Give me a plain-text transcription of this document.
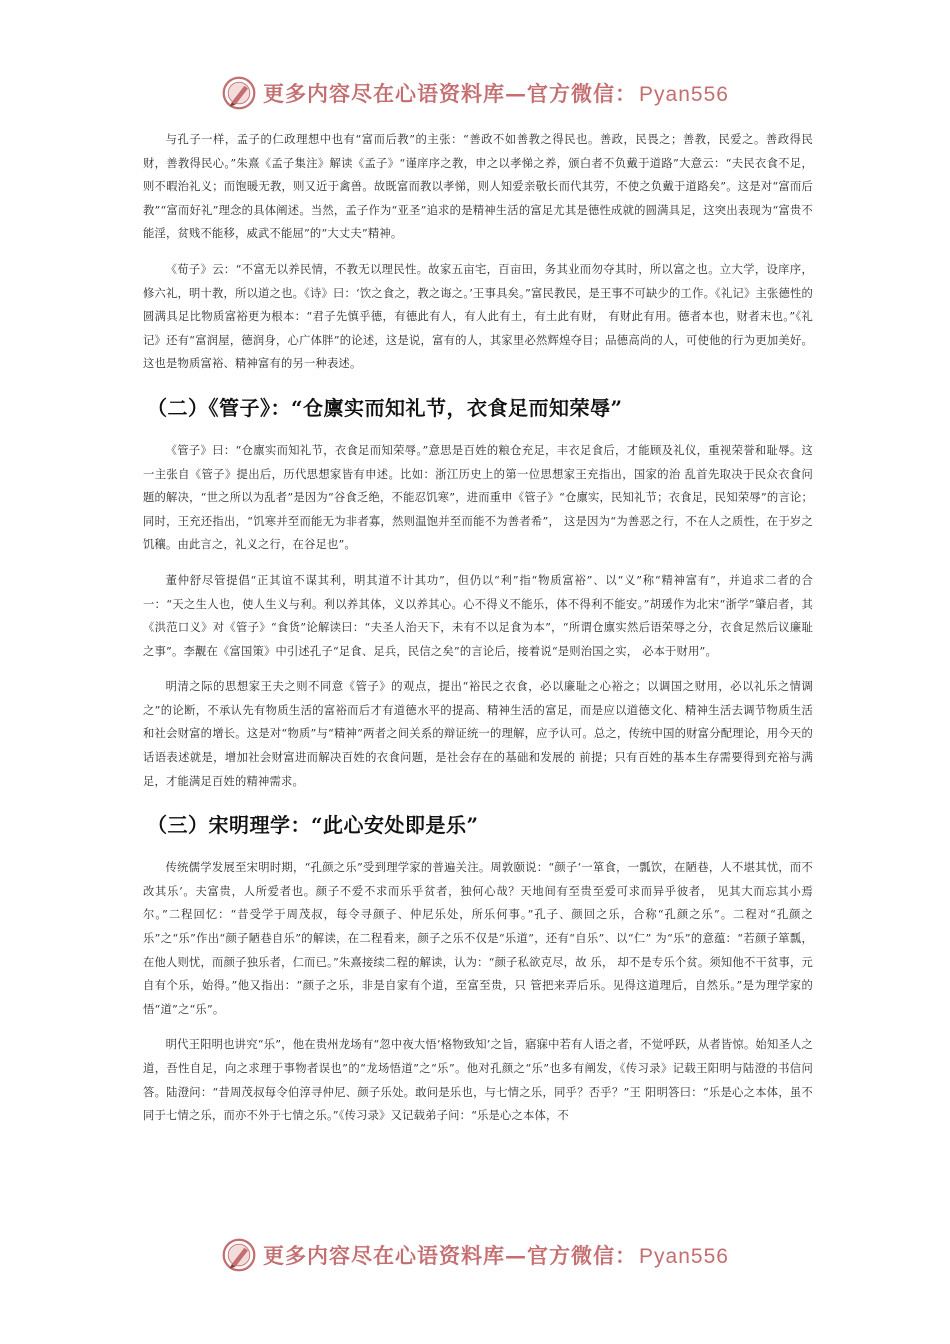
更多内容尽在心语资料库—官方微信：Pyan556

与孔子一样，孟子的仁政理想中也有“富而后教”的主张：“善政不如善教之得民也。善政，民畏之；善教，民爱之。善政得民财，善教得民心。”朱熹《孟子集注》解读《孟子》“谨庠序之教，申之以孝悌之养，颁白者不负戴于道路”大意云：“夫民衣食不足，则不暇治礼义；而饱暖无教，则又近于禽兽。故既富而教以孝悌，则人知爱亲敬长而代其劳，不使之负戴于道路矣”。这是对“富而后教”“富而好礼”理念的具体阐述。当然，孟子作为“亚圣”追求的是精神生活的富足尤其是德性成就的圆满具足，这突出表现为“富贵不能淫，贫贱不能移，威武不能屈”的“大丈夫”精神。

《荀子》云：“不富无以养民情，不教无以理民性。故家五亩宅，百亩田，务其业而勿夺其时，所以富之也。立大学，设庠序，修六礼，明十教，所以道之也。《诗》曰：‘饮之食之，教之诲之。’王事具矣。”富民教民，是王事不可缺少的工作。《礼记》主张德性的圆满具足比物质富裕更为根本：“君子先慎乎德，有德此有人，有人此有土，有土此有财， 有财此有用。德者本也，财者末也。”《礼记》还有“富润屋，德润身，心广体胖”的论述，这是说，富有的人，其家里必然辉煌夺目；品德高尚的人，可使他的行为更加美好。这也是物质富裕、精神富有的另一种表述。

（二）《管子》：“仓廪实而知礼节，衣食足而知荣辱”

《管子》曰：“仓廪实而知礼节，衣食足而知荣辱。”意思是百姓的粮仓充足，丰衣足食后，才能顾及礼仪，重视荣誉和耻辱。这一主张自《管子》提出后，历代思想家皆有申述。比如：浙江历史上的第一位思想家王充指出，国家的治 乱首先取决于民众衣食问题的解决，“世之所以为乱者”是因为“谷食乏绝，不能忍饥寒”，进而重申《管子》“仓廪实，民知礼节；衣食足，民知荣辱”的言论；同时，王充还指出，“饥寒并至而能无为非者寡，然则温饱并至而能不为善者希”， 这是因为“为善恶之行，不在人之质性，在于岁之饥穰。由此言之，礼义之行，在谷足也”。

董仲舒尽管提倡“正其谊不谋其利，明其道不计其功”，但仍以“利”指“物质富裕”、以“义”称“精神富有”，并追求二者的合一：“天之生人也，使人生义与利。利以养其体，义以养其心。心不得义不能乐，体不得利不能安。”胡瑗作为北宋“浙学”肇启者，其《洪范口义》对《管子》“食货”论解读曰：“夫圣人治天下，未有不以足食为本”，“所谓仓廪实然后语荣辱之分，衣食足然后议廉耻之事”。李觏在《富国策》中引述孔子“足食、足兵，民信之矣”的言论后，接着说“是则治国之实， 必本于财用”。

明清之际的思想家王夫之则不同意《管子》的观点，提出“裕民之衣食，必以廉耻之心裕之；以调国之财用，必以礼乐之情调之”的论断，不承认先有物质生活的富裕而后才有道德水平的提高、精神生活的富足，而是应以道德文化、精神生活去调节物质生活和社会财富的增长。这是对“物质”与“精神”两者之间关系的辩证统一的理解，应予认可。总之，传统中国的财富分配理论，用今天的话语表述就是，增加社会财富进而解决百姓的衣食问题，是社会存在的基础和发展的 前提；只有百姓的基本生存需要得到充裕与满足，才能满足百姓的精神需求。

（三）宋明理学：“此心安处即是乐”

传统儒学发展至宋明时期，“孔颜之乐”受到理学家的普遍关注。周敦颐说：“颜子‘一箪食，一瓢饮，在陋巷，人不堪其忧，而不改其乐’。夫富贵，人所爱者也。颜子不爱不求而乐乎贫者，独何心哉？天地间有至贵至爱可求而异乎彼者， 见其大而忘其小焉尔。”二程回忆：“昔受学于周茂叔，每令寻颜子、仲尼乐处，所乐何事。”孔子、颜回之乐，合称“孔颜之乐”。二程对“孔颜之乐”之“乐”作出“颜子陋巷自乐”的解读，在二程看来，颜子之乐不仅是“乐道”，还有“自乐”、以“仁” 为“乐”的意蕴：“若颜子箪瓢，在他人则忧，而颜子独乐者，仁而已。”朱熹接续二程的解读，认为：“颜子私欲克尽，故 乐， 却不是专乐个贫。须知他不干贫事，元自有个乐，始得。”他又指出：“颜子之乐，非是自家有个道，至富至贵，只 管把来弄后乐。见得这道理后，自然乐。”是为理学家的悟“道”之“乐”。

明代王阳明也讲究“乐”，他在贵州龙场有“忽中夜大悟‘格物致知’之旨，寤寐中若有人语之者，不觉呼跃，从者皆惊。始知圣人之道，吾性自足，向之求理于事物者误也”的“龙场悟道”之“乐”。他对孔颜之“乐”也多有阐发，《传习录》记载王阳明与陆澄的书信问答。陆澄问：“昔周茂叔每令伯淳寻仲尼、颜子乐处。敢问是乐也，与七情之乐，同乎？否乎？”王 阳明答曰：“乐是心之本体，虽不同于七情之乐，而亦不外于七情之乐。”《传习录》又记载弟子问：“乐是心之本体，不

更多内容尽在心语资料库—官方微信：Pyan556
